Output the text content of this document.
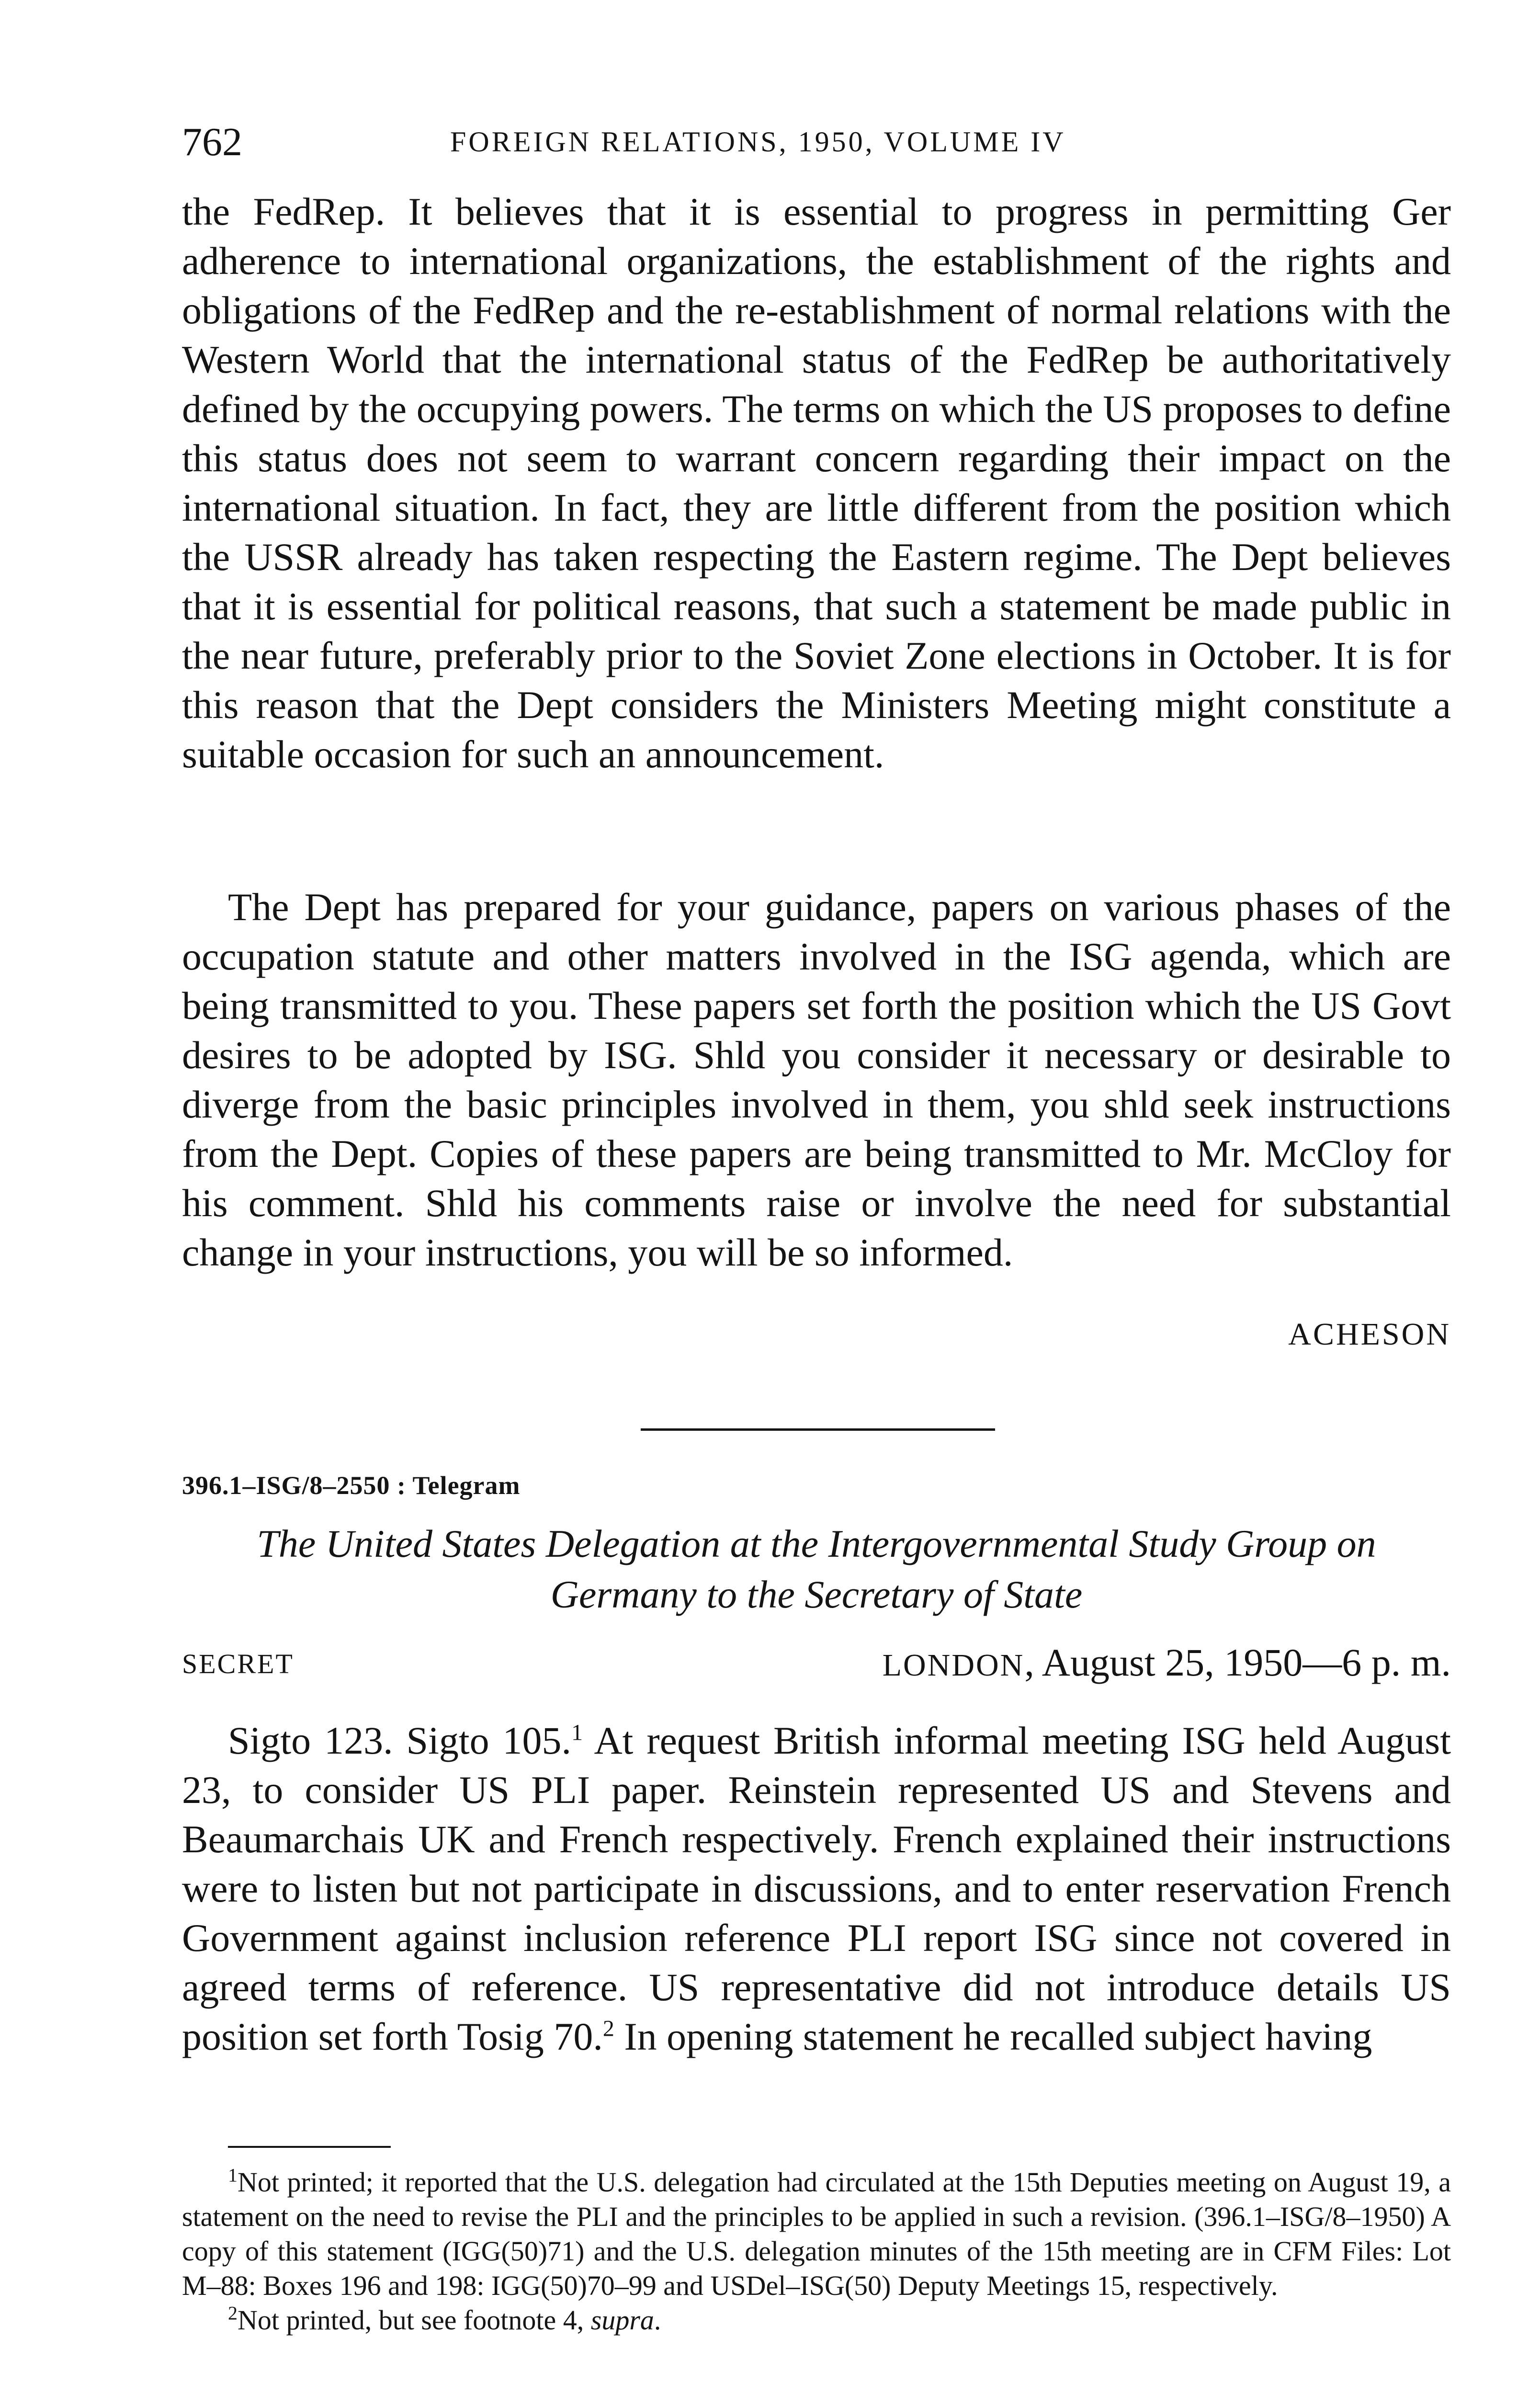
762	FOREIGN RELATIONS, 1950, VOLUME IV

the FedRep. It believes that it is essential to progress in permitting Ger adherence to international organizations, the establishment of the rights and obligations of the FedRep and the re-establishment of normal relations with the Western World that the international status of the FedRep be authoritatively defined by the occupying powers. The terms on which the US proposes to define this status does not seem to warrant concern regarding their impact on the international situation. In fact, they are little different from the position which the USSR already has taken respecting the Eastern regime. The Dept believes that it is essential for political reasons, that such a statement be made public in the near future, preferably prior to the Soviet Zone elections in October. It is for this reason that the Dept considers the Ministers Meeting might constitute a suitable occasion for such an announcement.

The Dept has prepared for your guidance, papers on various phases of the occupation statute and other matters involved in the ISG agenda, which are being transmitted to you. These papers set forth the position which the US Govt desires to be adopted by ISG. Shld you consider it necessary or desirable to diverge from the basic principles involved in them, you shld seek instructions from the Dept. Copies of these papers are being transmitted to Mr. McCloy for his comment. Shld his comments raise or involve the need for substantial change in your instructions, you will be so informed.

ACHESON
396.1–ISG/8–2550 : Telegram
The United States Delegation at the Intergovernmental Study Group on Germany to the Secretary of State
SECRET	LONDON, August 25, 1950—6 p. m.

Sigto 123. Sigto 105.$^1$ At request British informal meeting ISG held August 23, to consider US PLI paper. Reinstein represented US and Stevens and Beaumarchais UK and French respectively. French explained their instructions were to listen but not participate in discussions, and to enter reservation French Government against inclusion reference PLI report ISG since not covered in agreed terms of reference. US representative did not introduce details US position set forth Tosig 70.$^2$ In opening statement he recalled subject having

$^1$Not printed; it reported that the U.S. delegation had circulated at the 15th Deputies meeting on August 19, a statement on the need to revise the PLI and the principles to be applied in such a revision. (396.1–ISG/8–1950) A copy of this statement (IGG(50)71) and the U.S. delegation minutes of the 15th meeting are in CFM Files: Lot M–88: Boxes 196 and 198: IGG(50)70–99 and USDel–ISG(50) Deputy Meetings 15, respectively.

$^2$Not printed, but see footnote 4, supra.
